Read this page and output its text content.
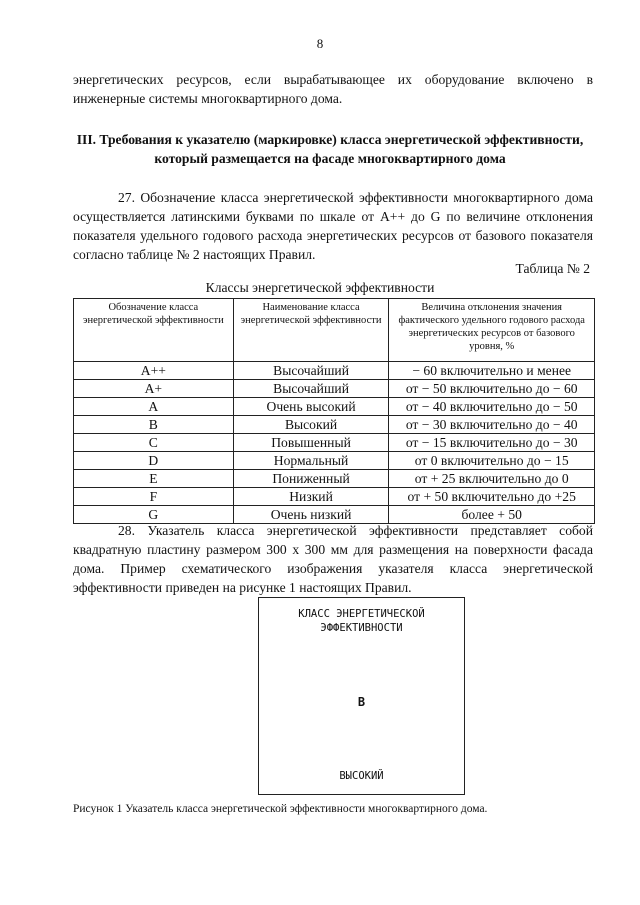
8
энергетических ресурсов, если вырабатывающее их оборудование включено в инженерные системы многоквартирного дома.
III. Требования к указателю (маркировке) класса энергетической эффективности, который размещается на фасаде многоквартирного дома
27. Обозначение класса энергетической эффективности многоквартирного дома осуществляется латинскими буквами по шкале от A++ до G по величине отклонения показателя удельного годового расхода энергетических ресурсов от базового показателя согласно таблице № 2 настоящих Правил.
Таблица № 2
Классы энергетической эффективности
Обозначение класса энергетической эффективности	Наименование класса энергетической эффективности	Величина отклонения значения фактического удельного годового расхода энергетических ресурсов от базового уровня, %
A++	Высочайший	− 60 включительно и менее
A+	Высочайший	от − 50 включительно до − 60
A	Очень высокий	от − 40 включительно до − 50
B	Высокий	от − 30 включительно до − 40
C	Повышенный	от − 15 включительно до − 30
D	Нормальный	от 0 включительно до − 15
E	Пониженный	от + 25 включительно до 0
F	Низкий	от + 50 включительно до +25
G	Очень низкий	более + 50
28. Указатель класса энергетической эффективности представляет собой квадратную пластину размером 300 х 300 мм для размещения на поверхности фасада дома. Пример схематического изображения указателя класса энергетической эффективности приведен на рисунке 1 настоящих Правил.
КЛАСС ЭНЕРГЕТИЧЕСКОЙ
ЭФФЕКТИВНОСТИ
B
ВЫСОКИЙ
Рисунок 1 Указатель класса энергетической эффективности многоквартирного дома.
